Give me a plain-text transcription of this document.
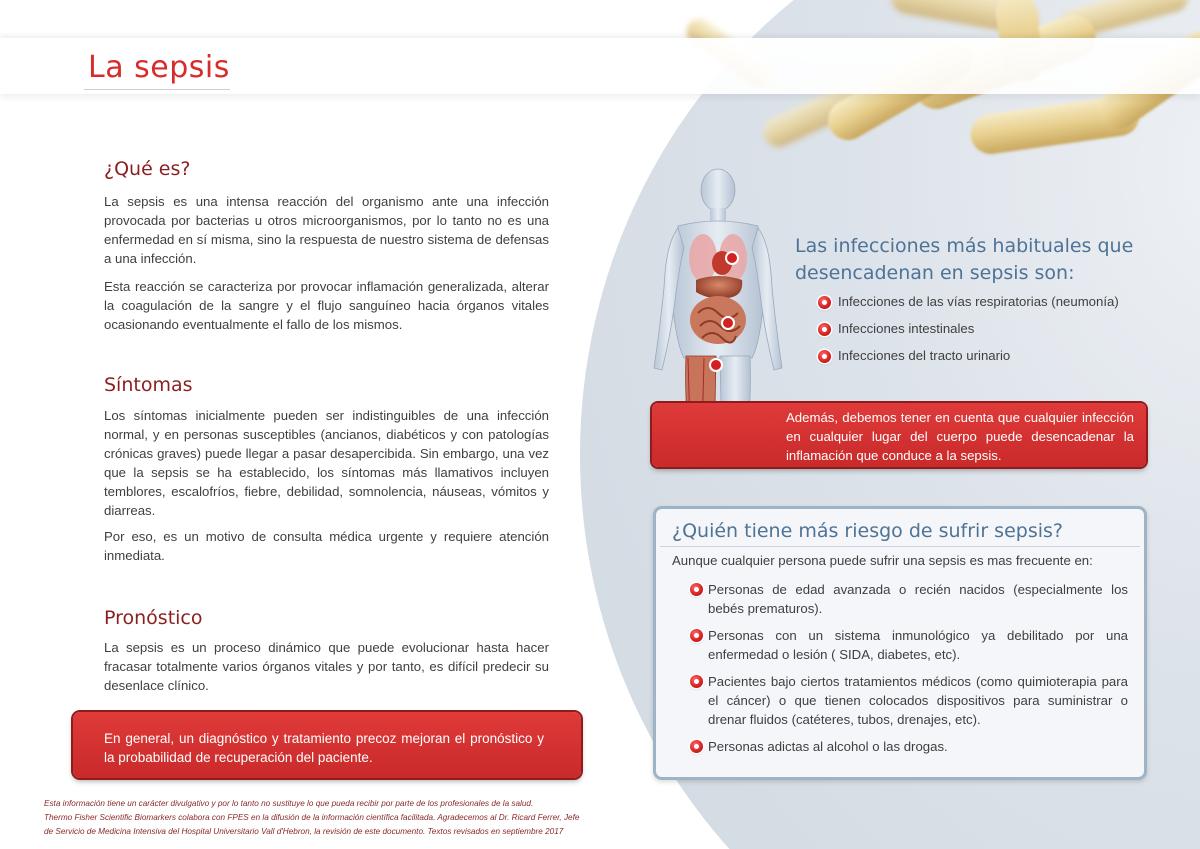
La sepsis
¿Qué es?
La sepsis es una intensa reacción del organismo ante una infección provocada por bacterias u otros microorganismos, por lo tanto no es una enfermedad en sí misma, sino la respuesta de nuestro sistema de defensas a una infección.
Esta reacción se caracteriza por provocar inflamación generalizada, alterar la coagulación de la sangre y el flujo sanguíneo hacia órganos vitales ocasionando eventualmente el fallo de los mismos.
Síntomas
Los síntomas inicialmente pueden ser indistinguibles de una infección normal, y en personas susceptibles (ancianos, diabéticos y con patologías crónicas graves) puede llegar a pasar desapercibida. Sin embargo, una vez que la sepsis se ha establecido, los síntomas más llamativos incluyen temblores, escalofríos, fiebre, debilidad, somnolencia, náuseas, vómitos y diarreas.
Por eso, es un motivo de consulta médica urgente y requiere atención inmediata.
Pronóstico
La sepsis es un proceso dinámico que puede evolucionar hasta hacer fracasar totalmente varios órganos vitales y por tanto, es difícil predecir su desenlace clínico.
En general, un diagnóstico y tratamiento precoz mejoran el pronóstico y la probabilidad de recuperación del paciente.
Esta información tiene un carácter divulgativo y por lo tanto no sustituye lo que pueda recibir por parte de los profesionales de la salud.
Thermo Fisher Scientific Biomarkers colabora con FPES en la difusión de la información científica facilitada. Agradecemos al Dr. Ricard Ferrer, Jefe
de Servicio de Medicina Intensiva del Hospital Universitario Vall d'Hebron, la revisión de este documento. Textos revisados en septiembre 2017
Las infecciones más habituales que
desencadenan en sepsis son:
Infecciones de las vías respiratorias (neumonía)
Infecciones intestinales
Infecciones del tracto urinario
Además, debemos tener en cuenta que cualquier infección en cualquier lugar del cuerpo puede desencadenar la inflamación que conduce a la sepsis.
¿Quién tiene más riesgo de sufrir sepsis?
Aunque cualquier persona puede sufrir una sepsis es mas frecuente en:
Personas de edad avanzada o recién nacidos (especialmente los bebés prematuros).
Personas con un sistema inmunológico ya debilitado por una enfermedad o lesión ( SIDA, diabetes, etc).
Pacientes bajo ciertos tratamientos médicos (como quimioterapia para el cáncer) o que tienen colocados dispositivos para suministrar o drenar fluidos (catéteres, tubos, drenajes, etc).
Personas adictas al alcohol o las drogas.
